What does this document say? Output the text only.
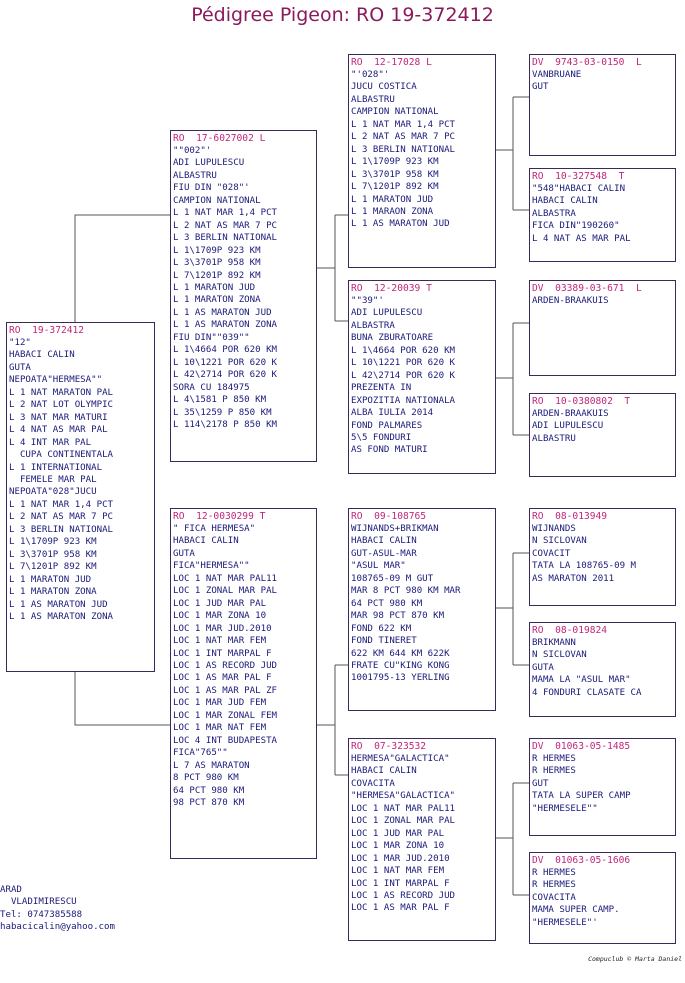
Pédigree Pigeon: RO 19-372412
RO  19-372412
"12"
HABACI CALIN
GUTA
NEPOATA"HERMESA""
L 1 NAT MARATON PAL
L 2 NAT LOT OLYMPIC
L 3 NAT MAR MATURI
L 4 NAT AS MAR PAL
L 4 INT MAR PAL
CUPA CONTINENTALA
L 1 INTERNATIONAL
FEMELE MAR PAL
NEPOATA"028"JUCU
L 1 NAT MAR 1,4 PCT
L 2 NAT AS MAR 7 PC
L 3 BERLIN NATIONAL
L 1\1709P 923 KM
L 3\3701P 958 KM
L 7\1201P 892 KM
L 1 MARATON JUD
L 1 MARATON ZONA
L 1 AS MARATON JUD
L 1 AS MARATON ZONA
RO  17-6027002 L
""002"'
ADI LUPULESCU
ALBASTRU
FIU DIN "028"'
CAMPION NATIONAL
L 1 NAT MAR 1,4 PCT
L 2 NAT AS MAR 7 PC
L 3 BERLIN NATIONAL
L 1\1709P 923 KM
L 3\3701P 958 KM
L 7\1201P 892 KM
L 1 MARATON JUD
L 1 MARATON ZONA
L 1 AS MARATON JUD
L 1 AS MARATON ZONA
FIU DIN""039""
L 1\4664 POR 620 KM
L 10\1221 POR 620 K
L 42\2714 POR 620 K
SORA CU 184975
L 4\1581 P 850 KM
L 35\1259 P 850 KM
L 114\2178 P 850 KM
RO  12-0030299 T
" FICA HERMESA"
HABACI CALIN
GUTA
FICA"HERMESA""
LOC 1 NAT MAR PAL11
LOC 1 ZONAL MAR PAL
LOC 1 JUD MAR PAL
LOC 1 MAR ZONA 10
LOC 1 MAR JUD.2010
LOC 1 NAT MAR FEM
LOC 1 INT MARPAL F
LOC 1 AS RECORD JUD
LOC 1 AS MAR PAL F
LOC 1 AS MAR PAL ZF
LOC 1 MAR JUD FEM
LOC 1 MAR ZONAL FEM
LOC 1 MAR NAT FEM
LOC 4 INT BUDAPESTA
FICA"765""
L 7 AS MARATON
8 PCT 980 KM
64 PCT 980 KM
98 PCT 870 KM
RO  12-17028 L
"'028"'
JUCU COSTICA
ALBASTRU
CAMPION NATIONAL
L 1 NAT MAR 1,4 PCT
L 2 NAT AS MAR 7 PC
L 3 BERLIN NATIONAL
L 1\1709P 923 KM
L 3\3701P 958 KM
L 7\1201P 892 KM
L 1 MARATON JUD
L 1 MARAON ZONA
L 1 AS MARATON JUD
RO  12-20039 T
""39"'
ADI LUPULESCU
ALBASTRA
BUNA ZBURATOARE
L 1\4664 POR 620 KM
L 10\1221 POR 620 K
L 42\2714 POR 620 K
PREZENTA IN
EXPOZITIA NATIONALA
ALBA IULIA 2014
FOND PALMARES
5\5 FONDURI
AS FOND MATURI
RO  09-108765
WIJNANDS+BRIKMAN
HABACI CALIN
GUT-ASUL-MAR
"ASUL MAR"
108765-09 M GUT
MAR 8 PCT 980 KM MAR
64 PCT 980 KM
MAR 98 PCT 870 KM
FOND 622 KM
FOND TINERET
622 KM 644 KM 622K
FRATE CU"KING KONG
1001795-13 YERLING
RO  07-323532
HERMESA"GALACTICA"
HABACI CALIN
COVACITA
"HERMESA"GALACTICA"
LOC 1 NAT MAR PAL11
LOC 1 ZONAL MAR PAL
LOC 1 JUD MAR PAL
LOC 1 MAR ZONA 10
LOC 1 MAR JUD.2010
LOC 1 NAT MAR FEM
LOC 1 INT MARPAL F
LOC 1 AS RECORD JUD
LOC 1 AS MAR PAL F
DV  9743-03-0150  L
VANBRUANE
GUT
RO  10-327548  T
"548"HABACI CALIN
HABACI CALIN
ALBASTRA
FICA DIN"190260"
L 4 NAT AS MAR PAL
DV  03389-03-671  L
ARDEN-BRAAKUIS
RO  10-0380802  T
ARDEN-BRAAKUIS
ADI LUPULESCU
ALBASTRU
RO  08-013949
WIJNANDS
N SICLOVAN
COVACIT
TATA LA 108765-09 M
AS MARATON 2011
RO  08-019824
BRIKMANN
N SICLOVAN
GUTA
MAMA LA "ASUL MAR"
4 FONDURI CLASATE CA
DV  01063-05-1485
R HERMES
R HERMES
GUT
TATA LA SUPER CAMP
"HERMESELE""
DV  01063-05-1606
R HERMES
R HERMES
COVACITA
MAMA SUPER CAMP.
"HERMESELE"'
ARAD
VLADIMIRESCU
Tel: 0747385588
habacicalin@yahoo.com
Compuclub © Marta Daniel
